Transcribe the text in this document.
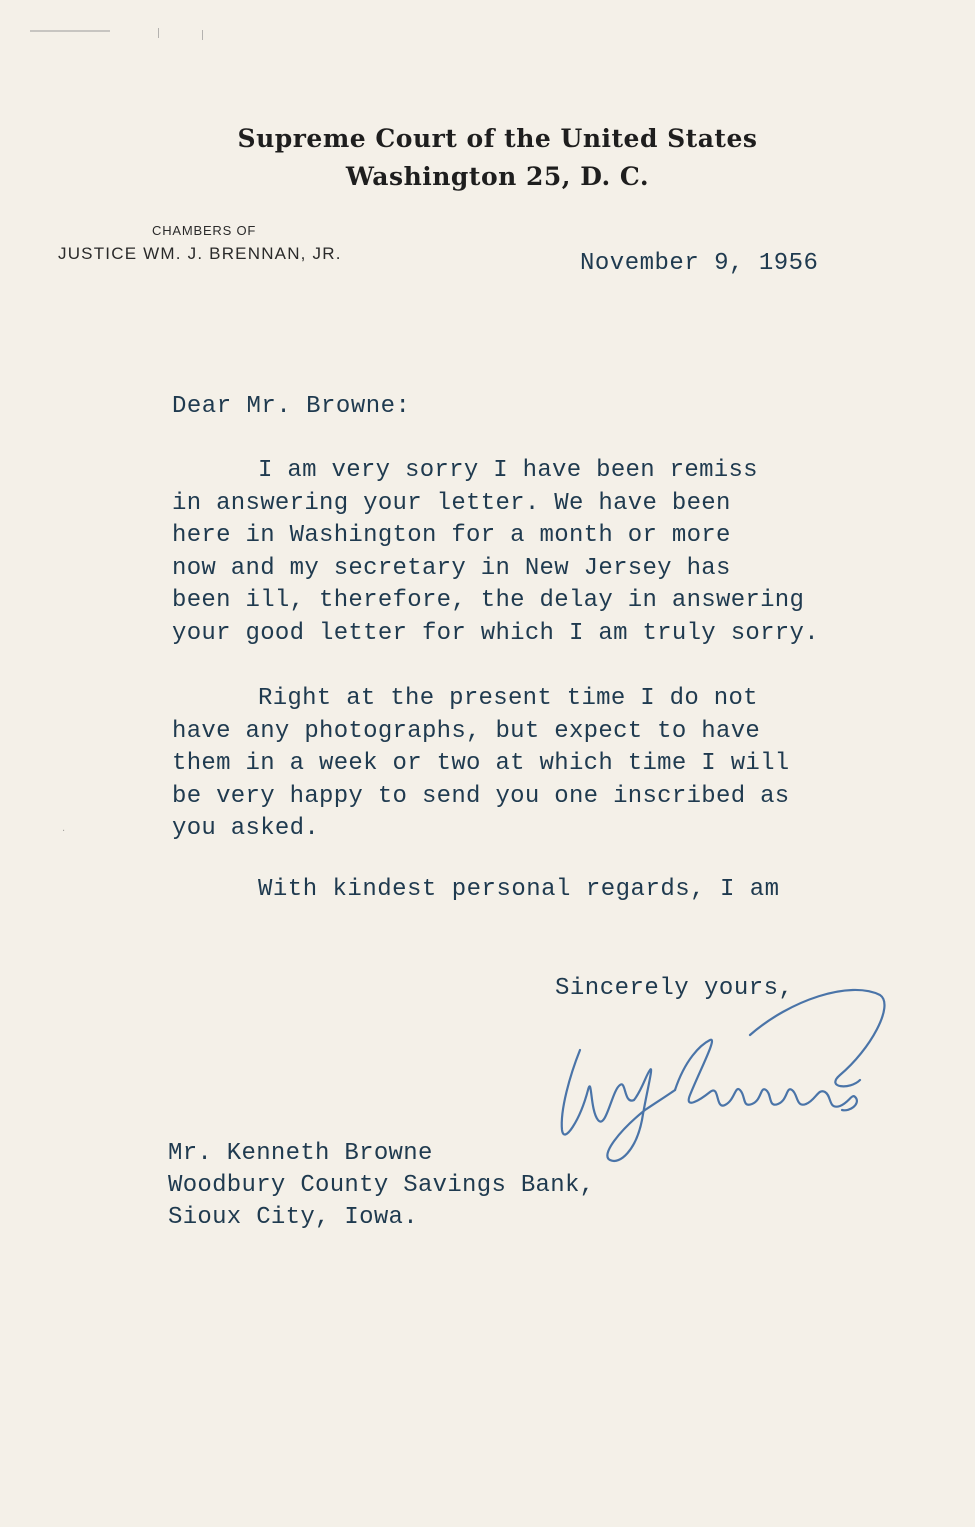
Supreme Court of the United States
Washington 25, D. C.
CHAMBERS OF
JUSTICE WM. J. BRENNAN, JR.	November 9, 1956
Dear Mr. Browne:
I am very sorry I have been remiss
in answering your letter. We have been
here in Washington for a month or more
now and my secretary in New Jersey has
been ill, therefore, the delay in answering
your good letter for which I am truly sorry.
Right at the present time I do not
have any photographs, but expect to have
them in a week or two at which time I will
be very happy to send you one inscribed as
you asked.
With kindest personal regards, I am
Sincerely yours,
Mr. Kenneth Browne
Woodbury County Savings Bank,
Sioux City, Iowa.
·
